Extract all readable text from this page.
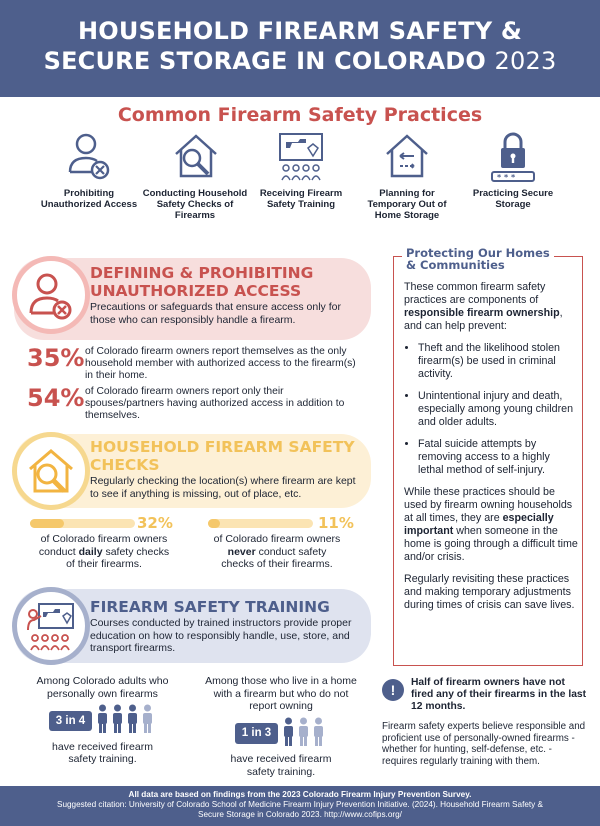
HOUSEHOLD FIREARM SAFETY &
SECURE STORAGE IN COLORADO 2023
Common Firearm Safety Practices
Prohibiting Unauthorized Access
Conducting Household Safety Checks of Firearms
Receiving Firearm Safety Training
Planning for Temporary Out of Home Storage
* * * _
Practicing Secure Storage
DEFINING & PROHIBITING
UNAUTHORIZED ACCESS
Precautions or safeguards that ensure access only for those who can responsibly handle a firearm.
35% of Colorado firearm owners report themselves as the only household member with authorized access to the firearm(s) in their home.
54% of Colorado firearm owners report only their spouses/partners having authorized access in addition to themselves.
HOUSEHOLD FIREARM SAFETY
CHECKS
Regularly checking the location(s) where firearm are kept to see if anything is missing, out of place, etc.
32%
of Colorado firearm owners
conduct daily safety checks
of their firearms.
11%
of Colorado firearm owners
never conduct safety
checks of their firearms.
FIREARM SAFETY TRAINING
Courses conducted by trained instructors provide proper education on how to responsibly handle, use, store, and transport firearms.
Among Colorado adults who personally own firearms
3 in 4
have received firearm safety training.
Among those who live in a home with a firearm but who do not report owning
1 in 3
have received firearm safety training.
Protecting Our Homes
& Communities

These common firearm safety practices are components of responsible firearm ownership, and can help prevent:

• Theft and the likelihood stolen firearm(s) be used in criminal activity.
• Unintentional injury and death, especially among young children and older adults.
• Fatal suicide attempts by removing access to a highly lethal method of self-injury.

While these practices should be used by firearm owning households at all times, they are especially important when someone in the home is going through a difficult time and/or crisis.

Regularly revisiting these practices and making temporary adjustments during times of crisis can save lives.

!	Half of firearm owners have not fired any of their firearms in the last 12 months.
Firearm safety experts believe responsible and proficient use of personally-owned firearms - whether for hunting, self-defense, etc. - requires regularly training with them.
All data are based on findings from the 2023 Colorado Firearm Injury Prevention Survey.
Suggested citation: University of Colorado School of Medicine Firearm Injury Prevention Initiative. (2024). Household Firearm Safety &
Secure Storage in Colorado 2023. http://www.cofips.org/
